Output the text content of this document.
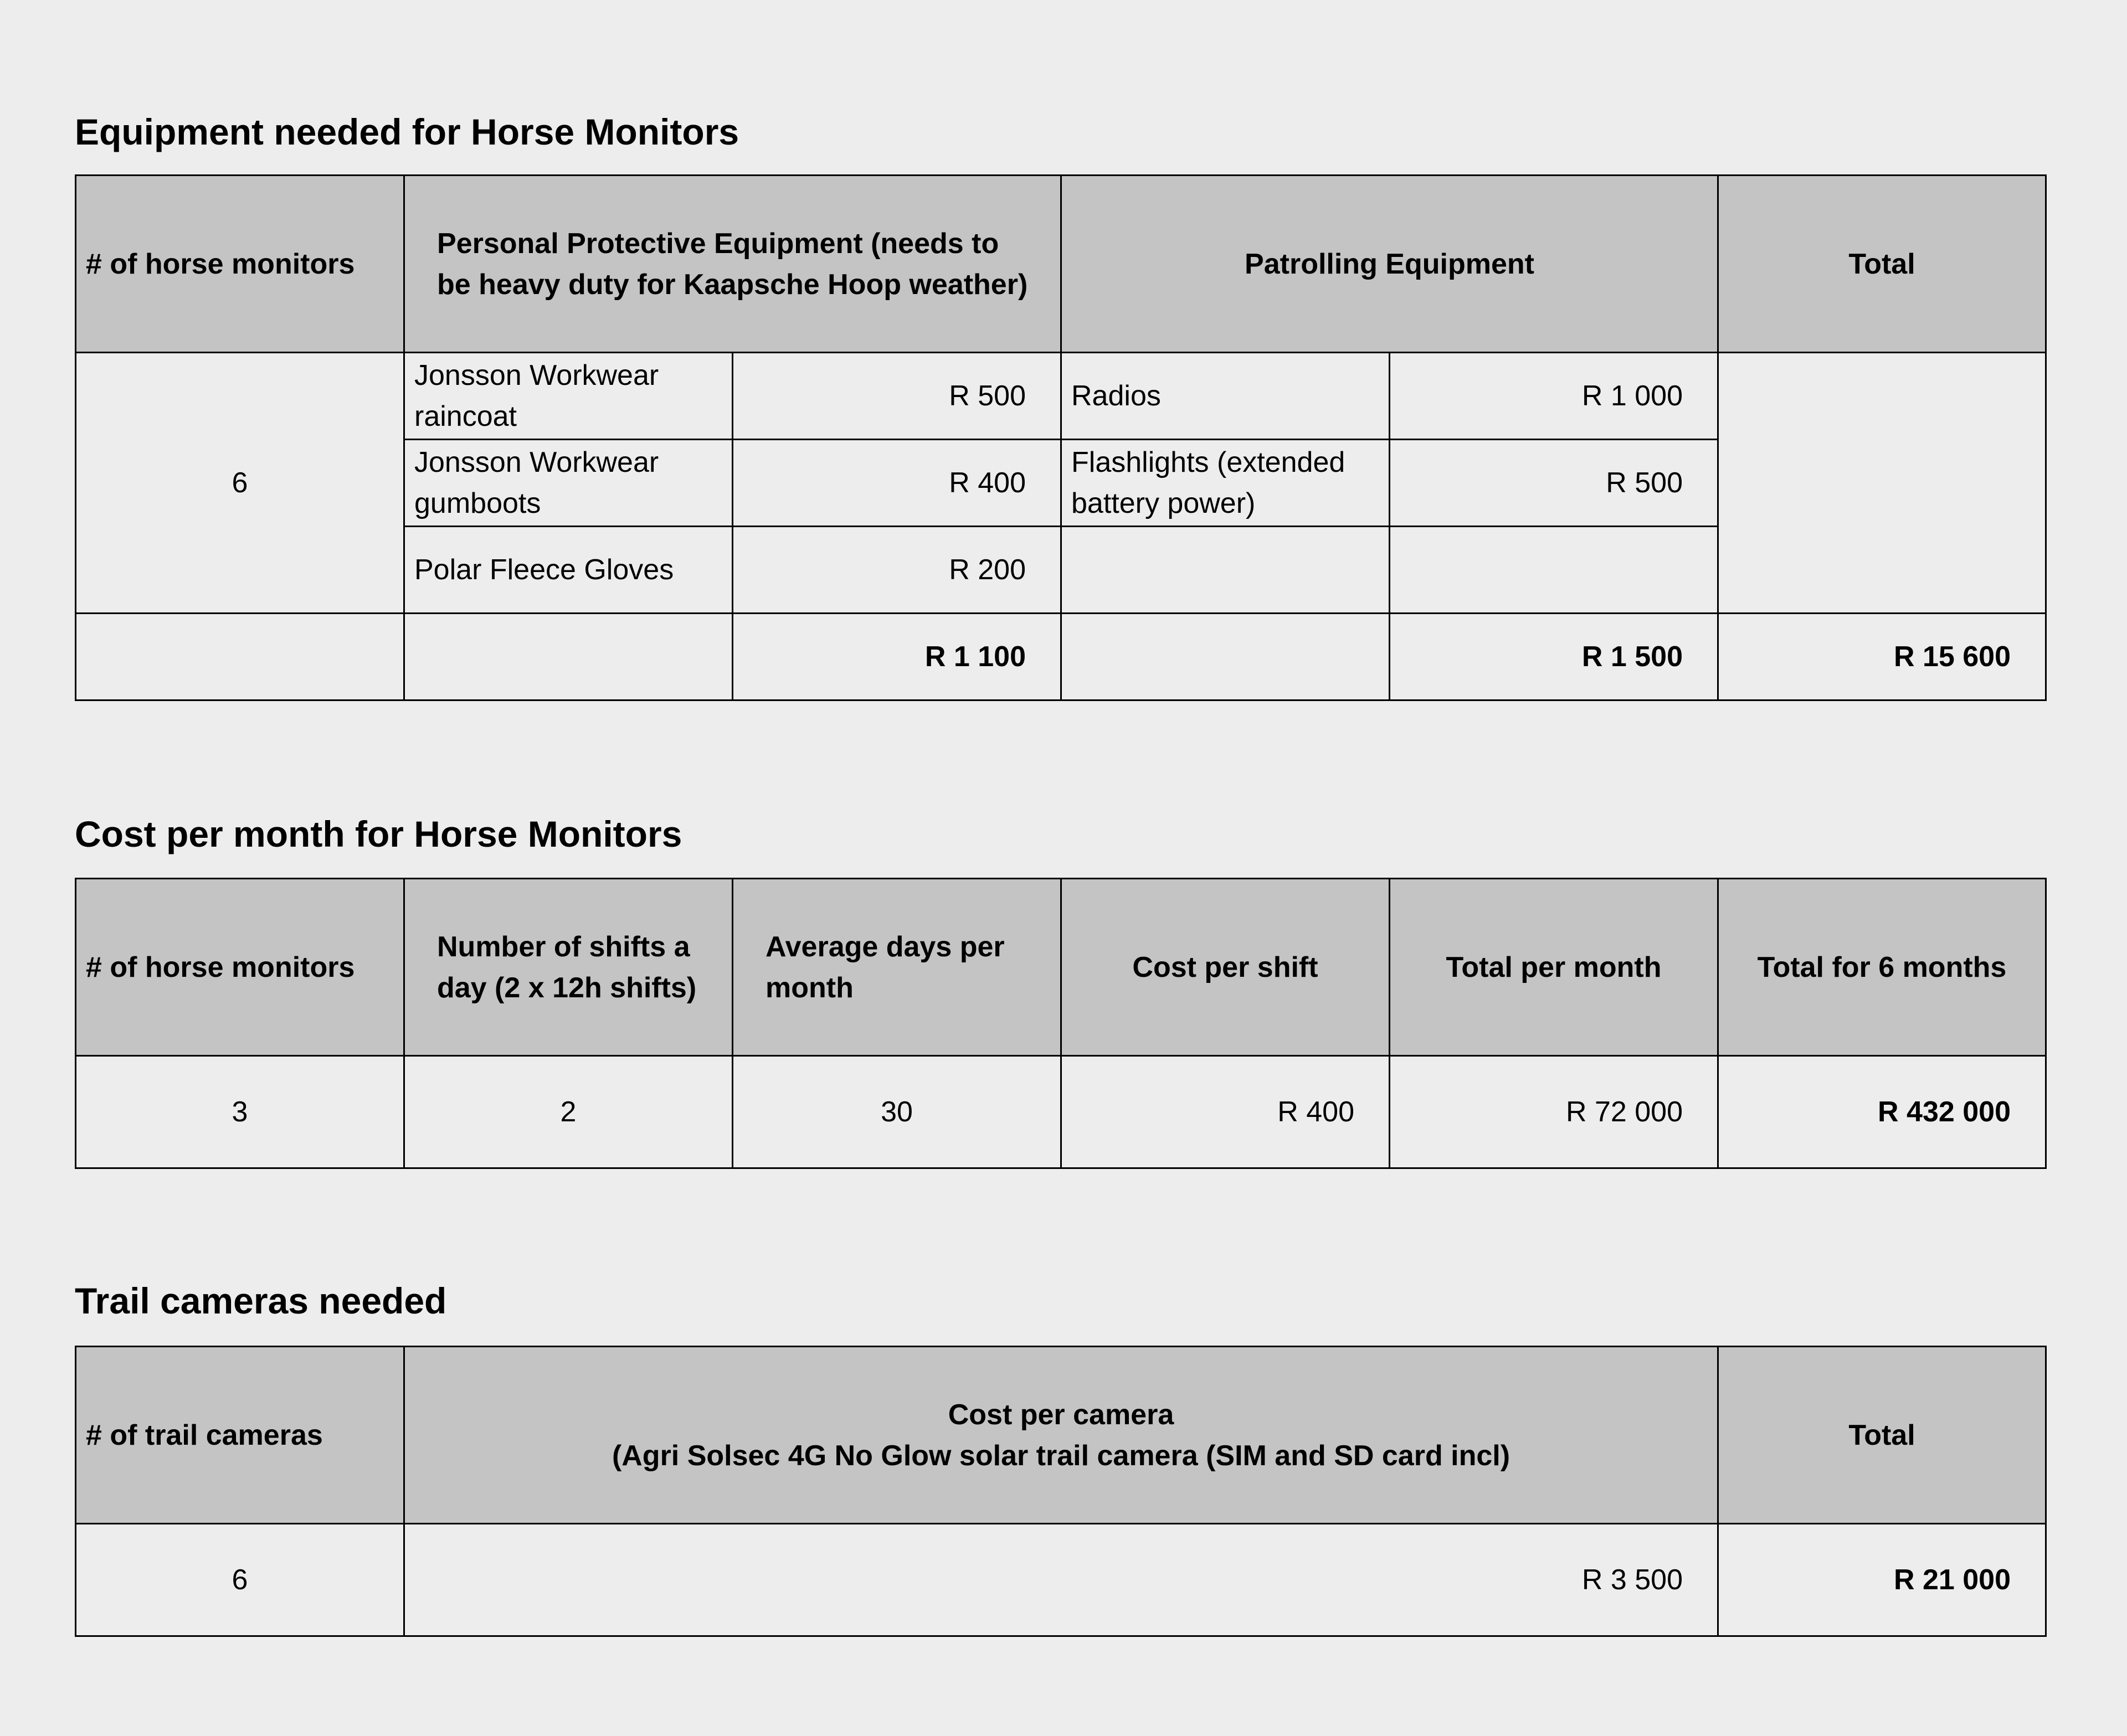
Equipment needed for Horse Monitors
# of horse monitors	Personal Protective Equipment (needs to be heavy duty for Kaapsche Hoop weather)		Patrolling Equipment		Total
6	Jonsson Workwear raincoat	R 500	Radios	R 1 000	
	Jonsson Workwear gumboots	R 400	Flashlights (extended battery power)	R 500	
	Polar Fleece Gloves	R 200			
		R 1 100		R 1 500	R 15 600
Cost per month for Horse Monitors
# of horse monitors	Number of shifts a day (2 x 12h shifts)	Average days per month	Cost per shift	Total per month	Total for 6 months
3	2	30	R 400	R 72 000	R 432 000
Trail cameras needed
# of trail cameras	Cost per camera
(Agri Solsec 4G No Glow solar trail camera (SIM and SD card incl)	Total
6	R 3 500	R 21 000
